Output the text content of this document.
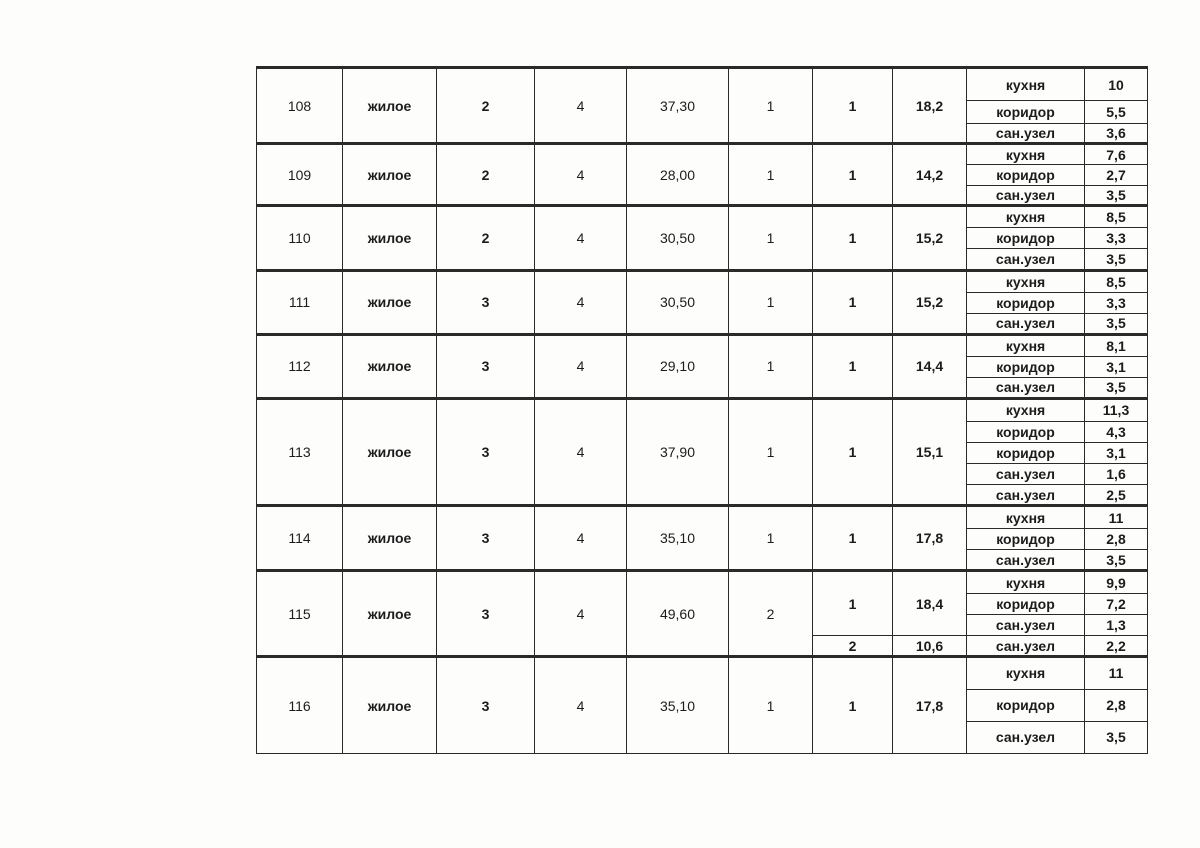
108	жилое	2	4	37,30	1	1	18,2	кухня	10
								коридор	5,5
								сан.узел	3,6
109	жилое	2	4	28,00	1	1	14,2	кухня	7,6
								коридор	2,7
								сан.узел	3,5
110	жилое	2	4	30,50	1	1	15,2	кухня	8,5
								коридор	3,3
								сан.узел	3,5
111	жилое	3	4	30,50	1	1	15,2	кухня	8,5
								коридор	3,3
								сан.узел	3,5
112	жилое	3	4	29,10	1	1	14,4	кухня	8,1
								коридор	3,1
								сан.узел	3,5
113	жилое	3	4	37,90	1	1	15,1	кухня	11,3
								коридор	4,3
								коридор	3,1
								сан.узел	1,6
								сан.узел	2,5
114	жилое	3	4	35,10	1	1	17,8	кухня	11
								коридор	2,8
								сан.узел	3,5
115	жилое	3	4	49,60	2	1	18,4	кухня	9,9
								коридор	7,2
								сан.узел	1,3
						2	10,6	сан.узел	2,2
116	жилое	3	4	35,10	1	1	17,8	кухня	11
								коридор	2,8
								сан.узел	3,5
